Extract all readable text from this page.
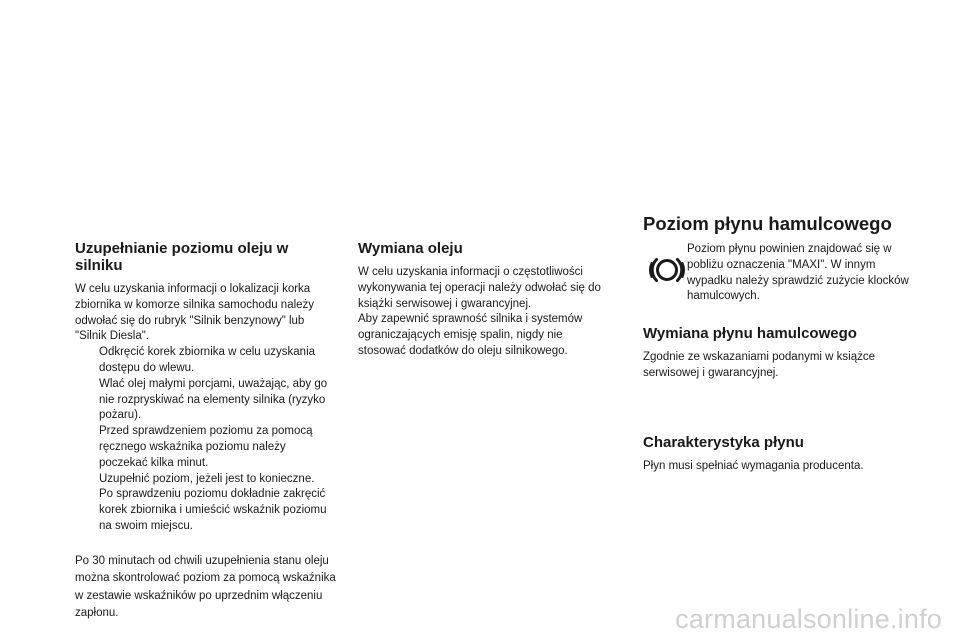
Uzupełnianie poziomu oleju w silniku

W celu uzyskania informacji o lokalizacji korka zbiornika w komorze silnika samochodu należy odwołać się do rubryk "Silnik benzynowy" lub "Silnik Diesla".

Odkręcić korek zbiornika w celu uzyskania dostępu do wlewu.
Wlać olej małymi porcjami, uważając, aby go nie rozpryskiwać na elementy silnika (ryzyko pożaru).
Przed sprawdzeniem poziomu za pomocą ręcznego wskaźnika poziomu należy poczekać kilka minut.
Uzupełnić poziom, jeżeli jest to konieczne.
Po sprawdzeniu poziomu dokładnie zakręcić korek zbiornika i umieścić wskaźnik poziomu na swoim miejscu.

Po 30 minutach od chwili uzupełnienia stanu oleju można skontrolować poziom za pomocą wskaźnika w zestawie wskaźników po uprzednim włączeniu zapłonu.

Wymiana oleju

W celu uzyskania informacji o częstotliwości wykonywania tej operacji należy odwołać się do książki serwisowej i gwarancyjnej.

Aby zapewnić sprawność silnika i systemów ograniczających emisję spalin, nigdy nie stosować dodatków do oleju silnikowego.

Poziom płynu hamulcowego

Poziom płynu powinien znajdować się w pobliżu oznaczenia "MAXI". W innym wypadku należy sprawdzić zużycie klocków hamulcowych.

Wymiana płynu hamulcowego

Zgodnie ze wskazaniami podanymi w książce serwisowej i gwarancyjnej.

Charakterystyka płynu

Płyn musi spełniać wymagania producenta.

carmanualsonline.info
